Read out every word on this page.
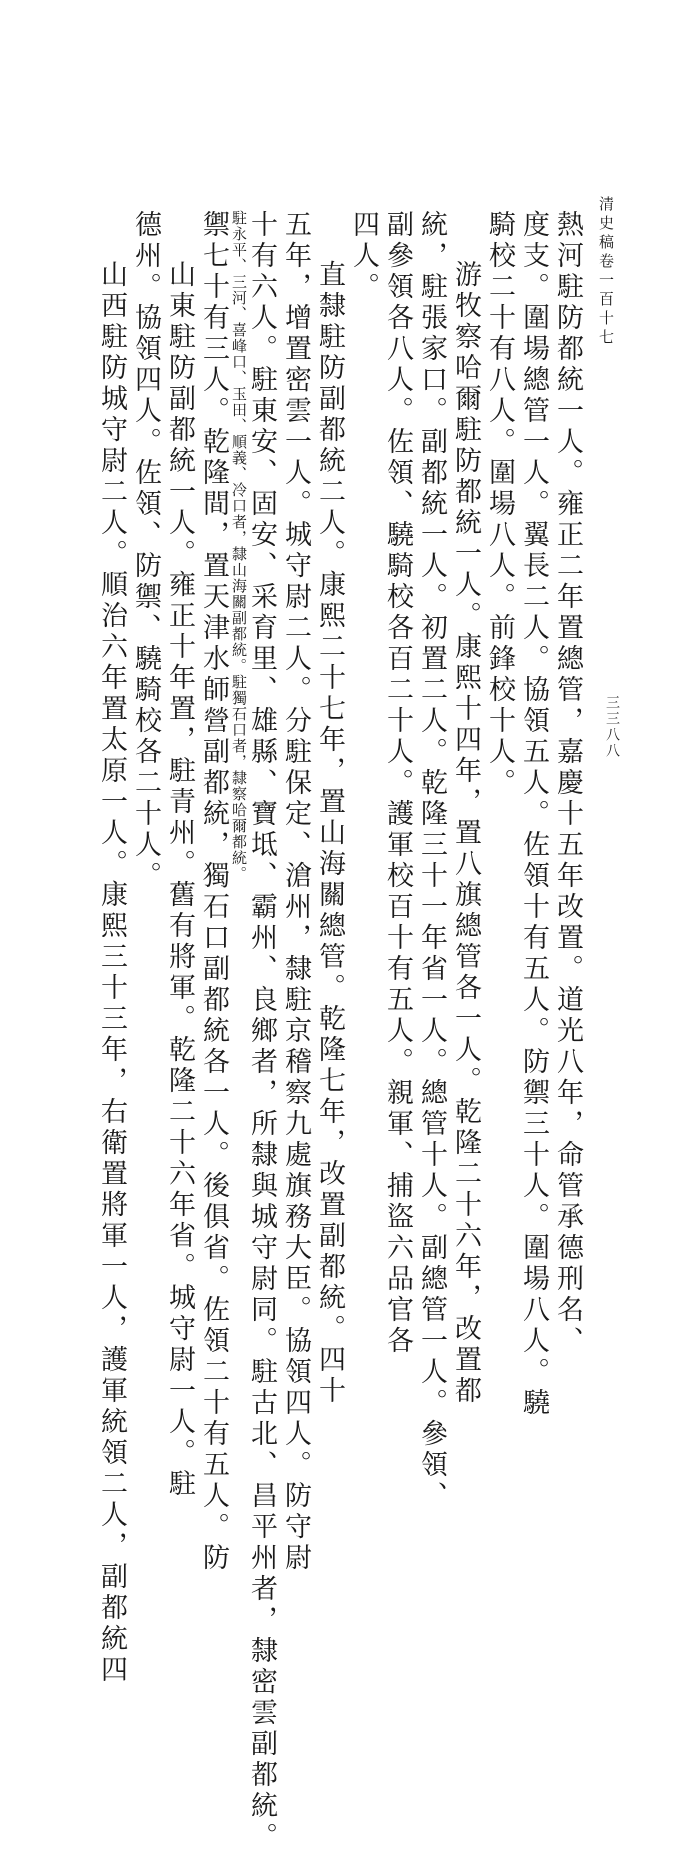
清史稿卷一百十七
三三八八
熱河駐防都統一人。雍正二年置總管，嘉慶十五年改置。道光八年，命管承德刑名、
度支。圍場總管一人。翼長二人。協領五人。佐領十有五人。防禦三十人。圍場八人。驍
騎校二十有八人。圍場八人。前鋒校十人。
游牧察哈爾駐防都統一人。康熙十四年，置八旗總管各一人。乾隆二十六年，改置都
統，駐張家口。副都統一人。初置二人。乾隆三十一年省一人。總管十人。副總管一人。參領、
副參領各八人。佐領、驍騎校各百二十人。護軍校百十有五人。親軍、捕盜六品官各
四人。
直隸駐防副都統二人。康熙二十七年，置山海關總管。乾隆七年，改置副都統。四十
五年，增置密雲一人。城守尉二人。分駐保定、滄州，隸駐京稽察九處旗務大臣。協領四人。防守尉
十有六人。駐東安、固安、采育里、雄縣、寶坻、霸州、良鄉者，所隸與城守尉同。駐古北、昌平州者，隸密雲副都統。
駐永平、三河、喜峰口、玉田、順義、冷口者，隸山海關副都統。駐獨石口者，隸察哈爾都統。
禦七十有三人。乾隆間，置天津水師營副都統，獨石口副都統各一人。後俱省。佐領二十有五人。防
山東駐防副都統一人。雍正十年置，駐青州。舊有將軍。乾隆二十六年省。城守尉一人。駐
德州。協領四人。佐領、防禦、驍騎校各二十人。
山西駐防城守尉二人。順治六年置太原一人。康熙三十三年，右衛置將軍一人，護軍統領二人，副都統四
